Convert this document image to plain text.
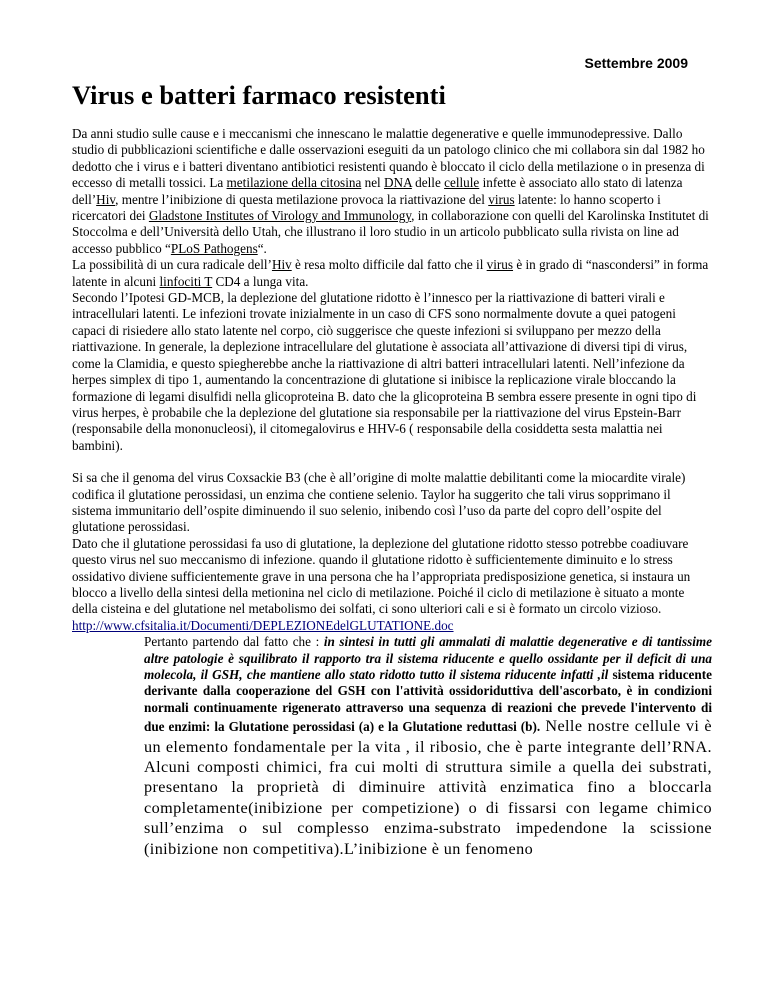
Settembre 2009
Virus e batteri farmaco resistenti

Da anni studio sulle cause e i meccanismi che innescano le malattie degenerative e quelle immunodepressive. Dallo studio di pubblicazioni scientifiche e dalle osservazioni eseguiti da un patologo clinico che mi collabora sin dal 1982 ho dedotto che i virus e i batteri diventano antibiotici resistenti quando è bloccato il ciclo della metilazione o in presenza di eccesso di metalli tossici. La metilazione della citosina nel DNA delle cellule infette è associato allo stato di latenza dell’Hiv, mentre l’inibizione di questa metilazione provoca la riattivazione del virus latente: lo hanno scoperto i ricercatori dei Gladstone Institutes of Virology and Immunology, in collaborazione con quelli del Karolinska Institutet di Stoccolma e dell’Università dello Utah, che illustrano il loro studio in un articolo pubblicato sulla rivista on line ad accesso pubblico “PLoS Pathogens“.

La possibilità di un cura radicale dell’Hiv è resa molto difficile dal fatto che il virus è in grado di “nascondersi” in forma latente in alcuni linfociti T CD4 a lunga vita.

Secondo l’Ipotesi GD-MCB, la deplezione del glutatione ridotto è l’innesco per la riattivazione di batteri virali e intracellulari latenti. Le infezioni trovate inizialmente in un caso di CFS sono normalmente dovute a quei patogeni capaci di risiedere allo stato latente nel corpo, ciò suggerisce che queste infezioni si sviluppano per mezzo della riattivazione. In generale, la deplezione intracellulare del glutatione è associata all’attivazione di diversi tipi di virus, come la Clamidia, e questo spiegherebbe anche la riattivazione di altri batteri intracellulari latenti. Nell’infezione da herpes simplex di tipo 1, aumentando la concentrazione di glutatione si inibisce la replicazione virale bloccando la formazione di legami disulfidi nella glicoproteina B. dato che la glicoproteina B sembra essere presente in ogni tipo di virus herpes, è probabile che la deplezione del glutatione sia responsabile per la riattivazione del virus Epstein-Barr (responsabile della mononucleosi), il citomegalovirus e HHV-6 ( responsabile della cosiddetta sesta malattia nei bambini).

Si sa che il genoma del virus Coxsackie B3 (che è all’origine di molte malattie debilitanti come la miocardite virale) codifica il glutatione perossidasi, un enzima che contiene selenio. Taylor ha suggerito che tali virus sopprimano il sistema immunitario dell’ospite diminuendo il suo selenio, inibendo così l’uso da parte del copro dell’ospite del glutatione perossidasi.

Dato che il glutatione perossidasi fa uso di glutatione, la deplezione del glutatione ridotto stesso potrebbe coadiuvare questo virus nel suo meccanismo di infezione. quando il glutatione ridotto è sufficientemente diminuito e lo stress ossidativo diviene sufficientemente grave in una persona che ha l’appropriata predisposizione genetica, si instaura un blocco a livello della sintesi della metionina nel ciclo di metilazione. Poiché il ciclo di metilazione è situato a monte della cisteina e del glutatione nel metabolismo dei solfati, ci sono ulteriori cali e si è formato un circolo vizioso.

http://www.cfsitalia.it/Documenti/DEPLEZIONEdelGLUTATIONE.doc

Pertanto partendo dal fatto che : in sintesi in tutti gli ammalati di malattie degenerative e di tantissime altre patologie è squilibrato il rapporto tra il sistema riducente e quello ossidante per il deficit di una molecola, il GSH, che mantiene allo stato ridotto tutto il sistema riducente infatti ,il sistema riducente derivante dalla cooperazione del GSH con l'attività ossidoriduttiva dell'ascorbato, è in condizioni normali continuamente rigenerato attraverso una sequenza di reazioni che prevede l'intervento di due enzimi: la Glutatione perossidasi (a) e la Glutatione reduttasi (b). Nelle nostre cellule vi è un elemento fondamentale per la vita , il ribosio, che è parte integrante dell’RNA. Alcuni composti chimici, fra cui molti di struttura simile a quella dei substrati, presentano la proprietà di diminuire attività enzimatica fino a bloccarla completamente(inibizione per competizione) o di fissarsi con legame chimico sull’enzima o sul complesso enzima-substrato impedendone la scissione (inibizione non competitiva).L’inibizione è un fenomeno
